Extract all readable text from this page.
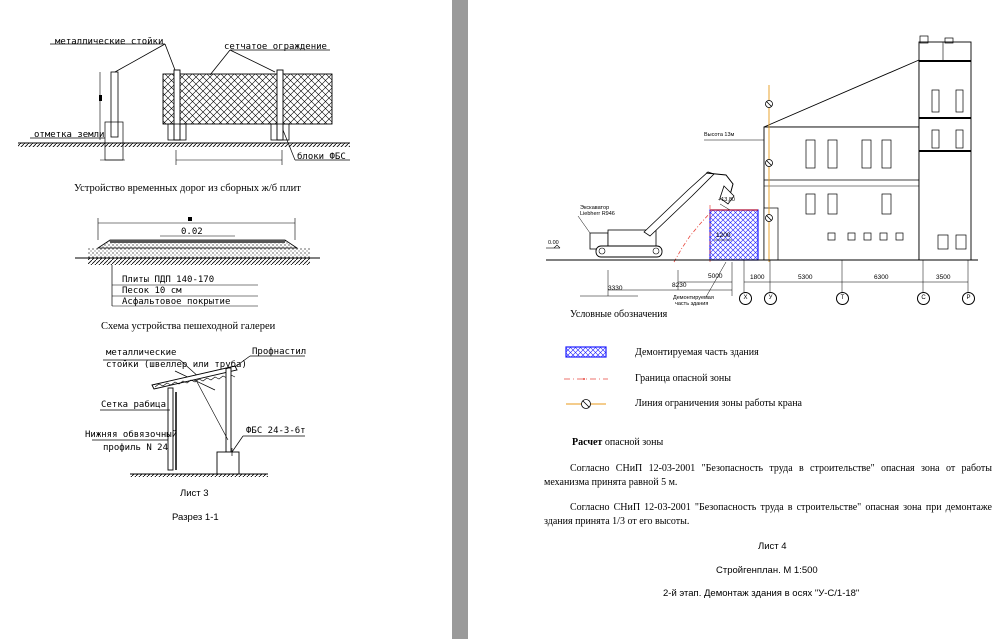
металлические стойки	сетчатое ограждение
отметка земли
блоки ФБС
Устройство временных дорог из сборных ж/б плит
0.02
Плиты ПДП 140-170
Песок 10 см
Асфальтовое покрытие
Схема устройства пешеходной галереи
металлические
стойки (швеллер или труба)
Профнастил
Сетка рабица
Нижняя обвязочный
профиль N 24
ФБС 24-3-6т
Лист 3
Разрез 1-1
Высота 13м
Экскаватор
Liebherr R946
+13,80
0.00
Демонтируемая
часть здания
1200
5000
8230
3330
1800	5300	6300	3500
Х	У	Т	С	Р
Условные обозначения
Демонтируемая часть здания
Граница опасной зоны
Линия ограничения зоны работы крана
Расчет опасной зоны
Согласно СНиП 12-03-2001 "Безопасность труда в строительстве" опасная зона от работы механизма принята равной 5 м.
Согласно СНиП 12-03-2001 "Безопасность труда в строительстве" опасная зона при демонтаже здания принята 1/3 от его высоты.
Лист 4
Стройгенплан. М 1:500
2-й этап. Демонтаж здания в осях "У-С/1-18"
